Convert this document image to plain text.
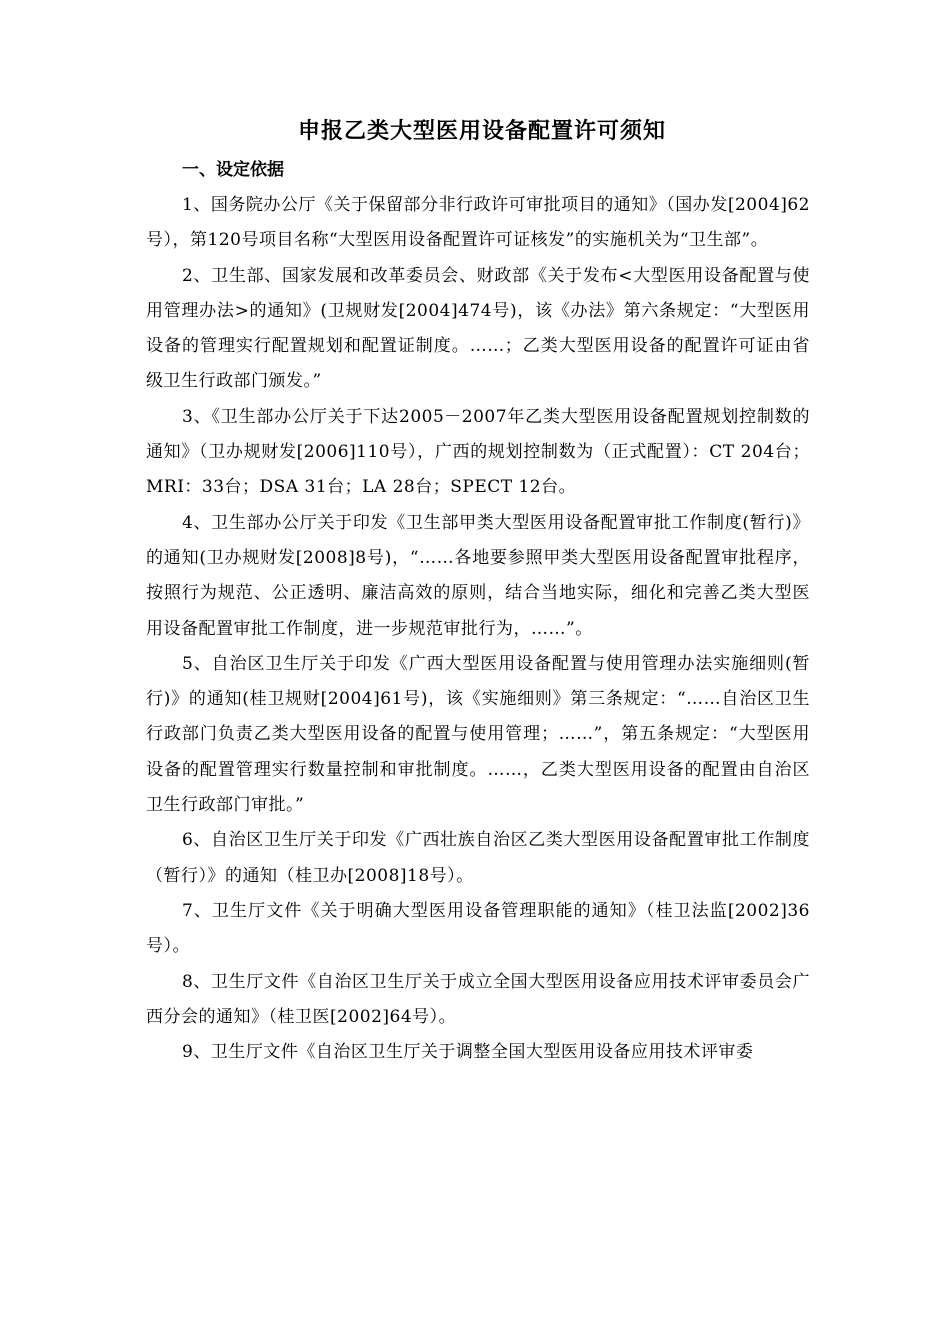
申报乙类大型医用设备配置许可须知

一、设定依据

1、国务院办公厅《关于保留部分非行政许可审批项目的通知》（国办发[2004]62号），第120号项目名称“大型医用设备配置许可证核发”的实施机关为“卫生部”。

2、卫生部、国家发展和改革委员会、财政部《关于发布<大型医用设备配置与使用管理办法>的通知》(卫规财发[2004]474号)，该《办法》第六条规定：“大型医用设备的管理实行配置规划和配置证制度。……；乙类大型医用设备的配置许可证由省级卫生行政部门颁发。”

3、《卫生部办公厅关于下达2005－2007年乙类大型医用设备配置规划控制数的通知》（卫办规财发[2006]110号），广西的规划控制数为（正式配置）：CT 204台；MRI：33台；DSA 31台；LA 28台；SPECT 12台。

4、卫生部办公厅关于印发《卫生部甲类大型医用设备配置审批工作制度(暂行)》的通知(卫办规财发[2008]8号)，“……各地要参照甲类大型医用设备配置审批程序，按照行为规范、公正透明、廉洁高效的原则，结合当地实际，细化和完善乙类大型医用设备配置审批工作制度，进一步规范审批行为，……”。

5、自治区卫生厅关于印发《广西大型医用设备配置与使用管理办法实施细则(暂行)》的通知(桂卫规财[2004]61号)，该《实施细则》第三条规定：“……自治区卫生行政部门负责乙类大型医用设备的配置与使用管理；……”，第五条规定：“大型医用设备的配置管理实行数量控制和审批制度。……，乙类大型医用设备的配置由自治区卫生行政部门审批。”

6、自治区卫生厅关于印发《广西壮族自治区乙类大型医用设备配置审批工作制度（暂行）》的通知（桂卫办[2008]18号）。

7、卫生厅文件《关于明确大型医用设备管理职能的通知》（桂卫法监[2002]36号）。

8、卫生厅文件《自治区卫生厅关于成立全国大型医用设备应用技术评审委员会广西分会的通知》（桂卫医[2002]64号）。

9、卫生厅文件《自治区卫生厅关于调整全国大型医用设备应用技术评审委
